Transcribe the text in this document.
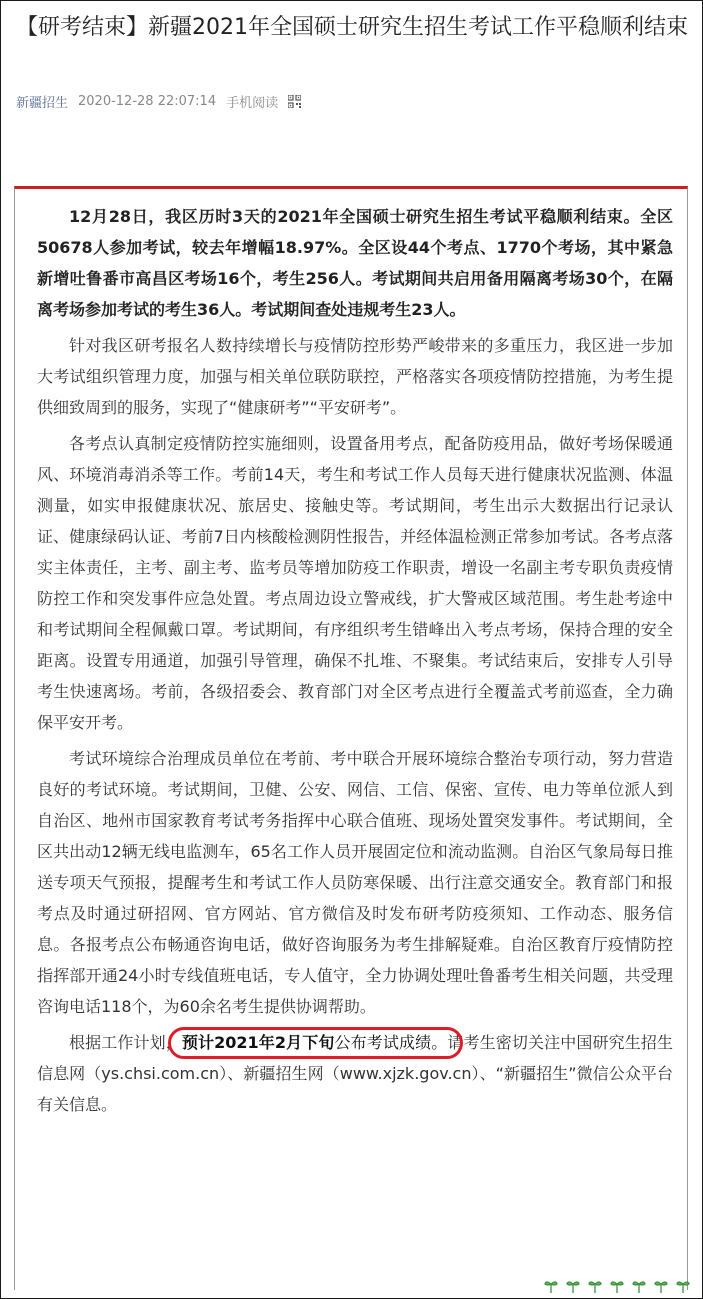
【研考结束】新疆2021年全国硕士研究生招生考试工作平稳顺利结束
新疆招生 2020-12-28 22:07:14 手机阅读

12月28日，我区历时3天的2021年全国硕士研究生招生考试平稳顺利结束。全区50678人参加考试，较去年增幅18.97%。全区设44个考点、1770个考场，其中紧急新增吐鲁番市高昌区考场16个，考生256人。考试期间共启用备用隔离考场30个，在隔离考场参加考试的考生36人。考试期间查处违规考生23人。

针对我区研考报名人数持续增长与疫情防控形势严峻带来的多重压力，我区进一步加大考试组织管理力度，加强与相关单位联防联控，严格落实各项疫情防控措施，为考生提供细致周到的服务，实现了“健康研考”“平安研考”。

各考点认真制定疫情防控实施细则，设置备用考点，配备防疫用品，做好考场保暖通风、环境消毒消杀等工作。考前14天，考生和考试工作人员每天进行健康状况监测、体温测量，如实申报健康状况、旅居史、接触史等。考试期间，考生出示大数据出行记录认证、健康绿码认证、考前7日内核酸检测阴性报告，并经体温检测正常参加考试。各考点落实主体责任，主考、副主考、监考员等增加防疫工作职责，增设一名副主考专职负责疫情防控工作和突发事件应急处置。考点周边设立警戒线，扩大警戒区域范围。考生赴考途中和考试期间全程佩戴口罩。考试期间，有序组织考生错峰出入考点考场，保持合理的安全距离。设置专用通道，加强引导管理，确保不扎堆、不聚集。考试结束后，安排专人引导考生快速离场。考前，各级招委会、教育部门对全区考点进行全覆盖式考前巡查，全力确保平安开考。

考试环境综合治理成员单位在考前、考中联合开展环境综合整治专项行动，努力营造良好的考试环境。考试期间，卫健、公安、网信、工信、保密、宣传、电力等单位派人到自治区、地州市国家教育考试考务指挥中心联合值班、现场处置突发事件。考试期间，全区共出动12辆无线电监测车，65名工作人员开展固定位和流动监测。自治区气象局每日推送专项天气预报，提醒考生和考试工作人员防寒保暖、出行注意交通安全。教育部门和报考点及时通过研招网、官方网站、官方微信及时发布研考防疫须知、工作动态、服务信息。各报考点公布畅通咨询电话，做好咨询服务为考生排解疑难。自治区教育厅疫情防控指挥部开通24小时专线值班电话，专人值守，全力协调处理吐鲁番考生相关问题，共受理咨询电话118个，为60余名考生提供协调帮助。

根据工作计划，
预计2021年2月下旬公布考试成绩。请考生密切关注中国研究生招生信息网（ys.chsi.com.cn）、新疆招生网（www.xjzk.gov.cn）、“新疆招生”微信公众平台有关信息。
